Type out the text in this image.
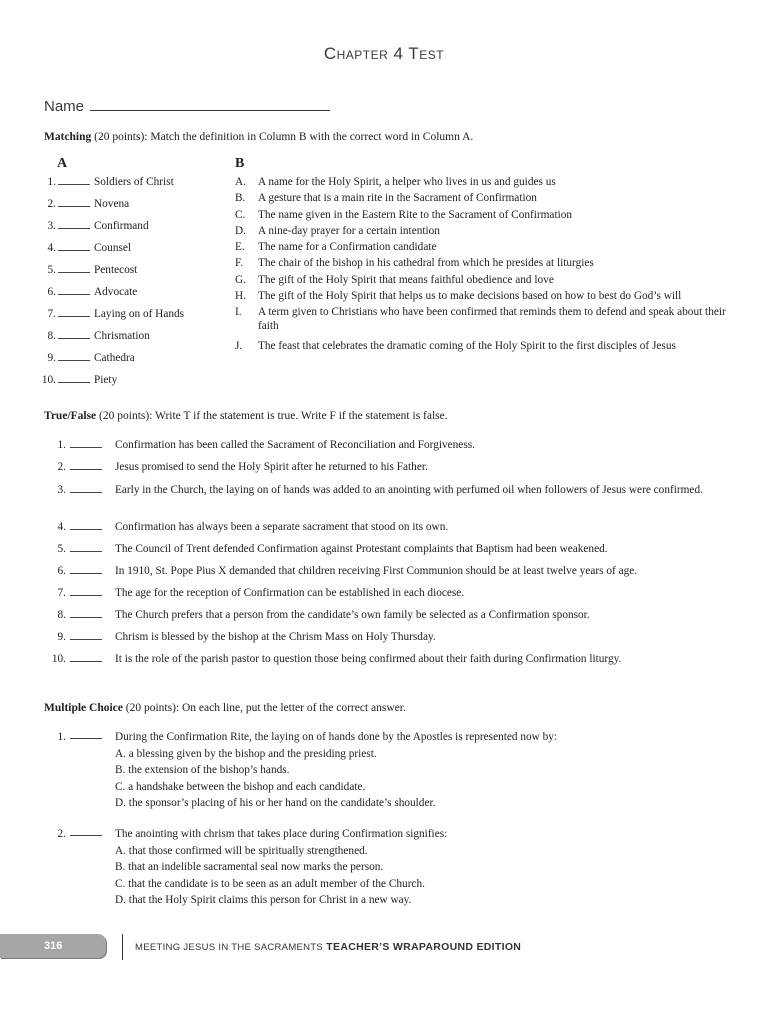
Chapter 4 Test
Name
Matching (20 points): Match the definition in Column B with the correct word in Column A.
A	B
1.	Soldiers of Christ
2.	Novena
3.	Confirmand
4.	Counsel
5.	Pentecost
6.	Advocate
7.	Laying on of Hands
8.	Chrismation
9.	Cathedra
10.	Piety
A. A name for the Holy Spirit, a helper who lives in us and guides us
B. A gesture that is a main rite in the Sacrament of Confirmation
C. The name given in the Eastern Rite to the Sacrament of Confirmation
D. A nine-day prayer for a certain intention
E. The name for a Confirmation candidate
F. The chair of the bishop in his cathedral from which he presides at liturgies
G. The gift of the Holy Spirit that means faithful obedience and love
H. The gift of the Holy Spirit that helps us to make decisions based on how to best do God’s will
I. A term given to Christians who have been confirmed that reminds them to defend and speak about their faith
J. The feast that celebrates the dramatic coming of the Holy Spirit to the first disciples of Jesus
True/False (20 points): Write T if the statement is true. Write F if the statement is false.
1.	Confirmation has been called the Sacrament of Reconciliation and Forgiveness.
2.	Jesus promised to send the Holy Spirit after he returned to his Father.
3.	Early in the Church, the laying on of hands was added to an anointing with perfumed oil when followers of Jesus were confirmed.
4.	Confirmation has always been a separate sacrament that stood on its own.
5.	The Council of Trent defended Confirmation against Protestant complaints that Baptism had been weakened.
6.	In 1910, St. Pope Pius X demanded that children receiving First Communion should be at least twelve years of age.
7.	The age for the reception of Confirmation can be established in each diocese.
8.	The Church prefers that a person from the candidate’s own family be selected as a Confirmation sponsor.
9.	Chrism is blessed by the bishop at the Chrism Mass on Holy Thursday.
10.	It is the role of the parish pastor to question those being confirmed about their faith during Confirmation liturgy.
Multiple Choice (20 points): On each line, put the letter of the correct answer.
1.	During the Confirmation Rite, the laying on of hands done by the Apostles is represented now by:
A. a blessing given by the bishop and the presiding priest.
B. the extension of the bishop’s hands.
C. a handshake between the bishop and each candidate.
D. the sponsor’s placing of his or her hand on the candidate’s shoulder.
2.	The anointing with chrism that takes place during Confirmation signifies:
A. that those confirmed will be spiritually strengthened.
B. that an indelible sacramental seal now marks the person.
C. that the candidate is to be seen as an adult member of the Church.
D. that the Holy Spirit claims this person for Christ in a new way.
316	MEETING JESUS IN THE SACRAMENTS TEACHER’S WRAPAROUND EDITION
